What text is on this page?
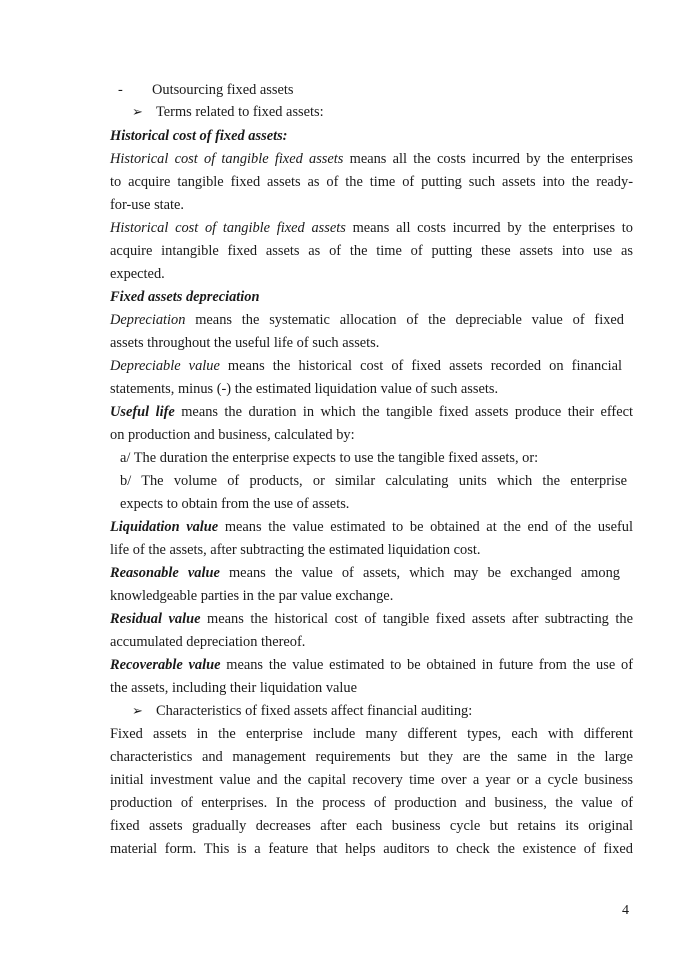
- Outsourcing fixed assets
➢ Terms related to fixed assets:
Historical cost of fixed assets:
Historical cost of tangible fixed assets means all the costs incurred by the enterprises
to acquire tangible fixed assets as of the time of putting such assets into the ready-
for-use state.
Historical cost of tangible fixed assets means all costs incurred by the enterprises to
acquire intangible fixed assets as of the time of putting these assets into use as
expected.
Fixed assets depreciation
Depreciation means the systematic allocation of the depreciable value of fixed
assets throughout the useful life of such assets.
Depreciable value means the historical cost of fixed assets recorded on financial
statements, minus (-) the estimated liquidation value of such assets.
Useful life means the duration in which the tangible fixed assets produce their effect
on production and business, calculated by:
a/ The duration the enterprise expects to use the tangible fixed assets, or:
b/ The volume of products, or similar calculating units which the enterprise
expects to obtain from the use of assets.
Liquidation value means the value estimated to be obtained at the end of the useful
life of the assets, after subtracting the estimated liquidation cost.
Reasonable value means the value of assets, which may be exchanged among
knowledgeable parties in the par value exchange.
Residual value means the historical cost of tangible fixed assets after subtracting the
accumulated depreciation thereof.
Recoverable value means the value estimated to be obtained in future from the use of
the assets, including their liquidation value
➢ Characteristics of fixed assets affect financial auditing:
Fixed assets in the enterprise include many different types, each with different
characteristics and management requirements but they are the same in the large
initial investment value and the capital recovery time over a year or a cycle business
production of enterprises. In the process of production and business, the value of
fixed assets gradually decreases after each business cycle but retains its original
material form. This is a feature that helps auditors to check the existence of fixed
4
